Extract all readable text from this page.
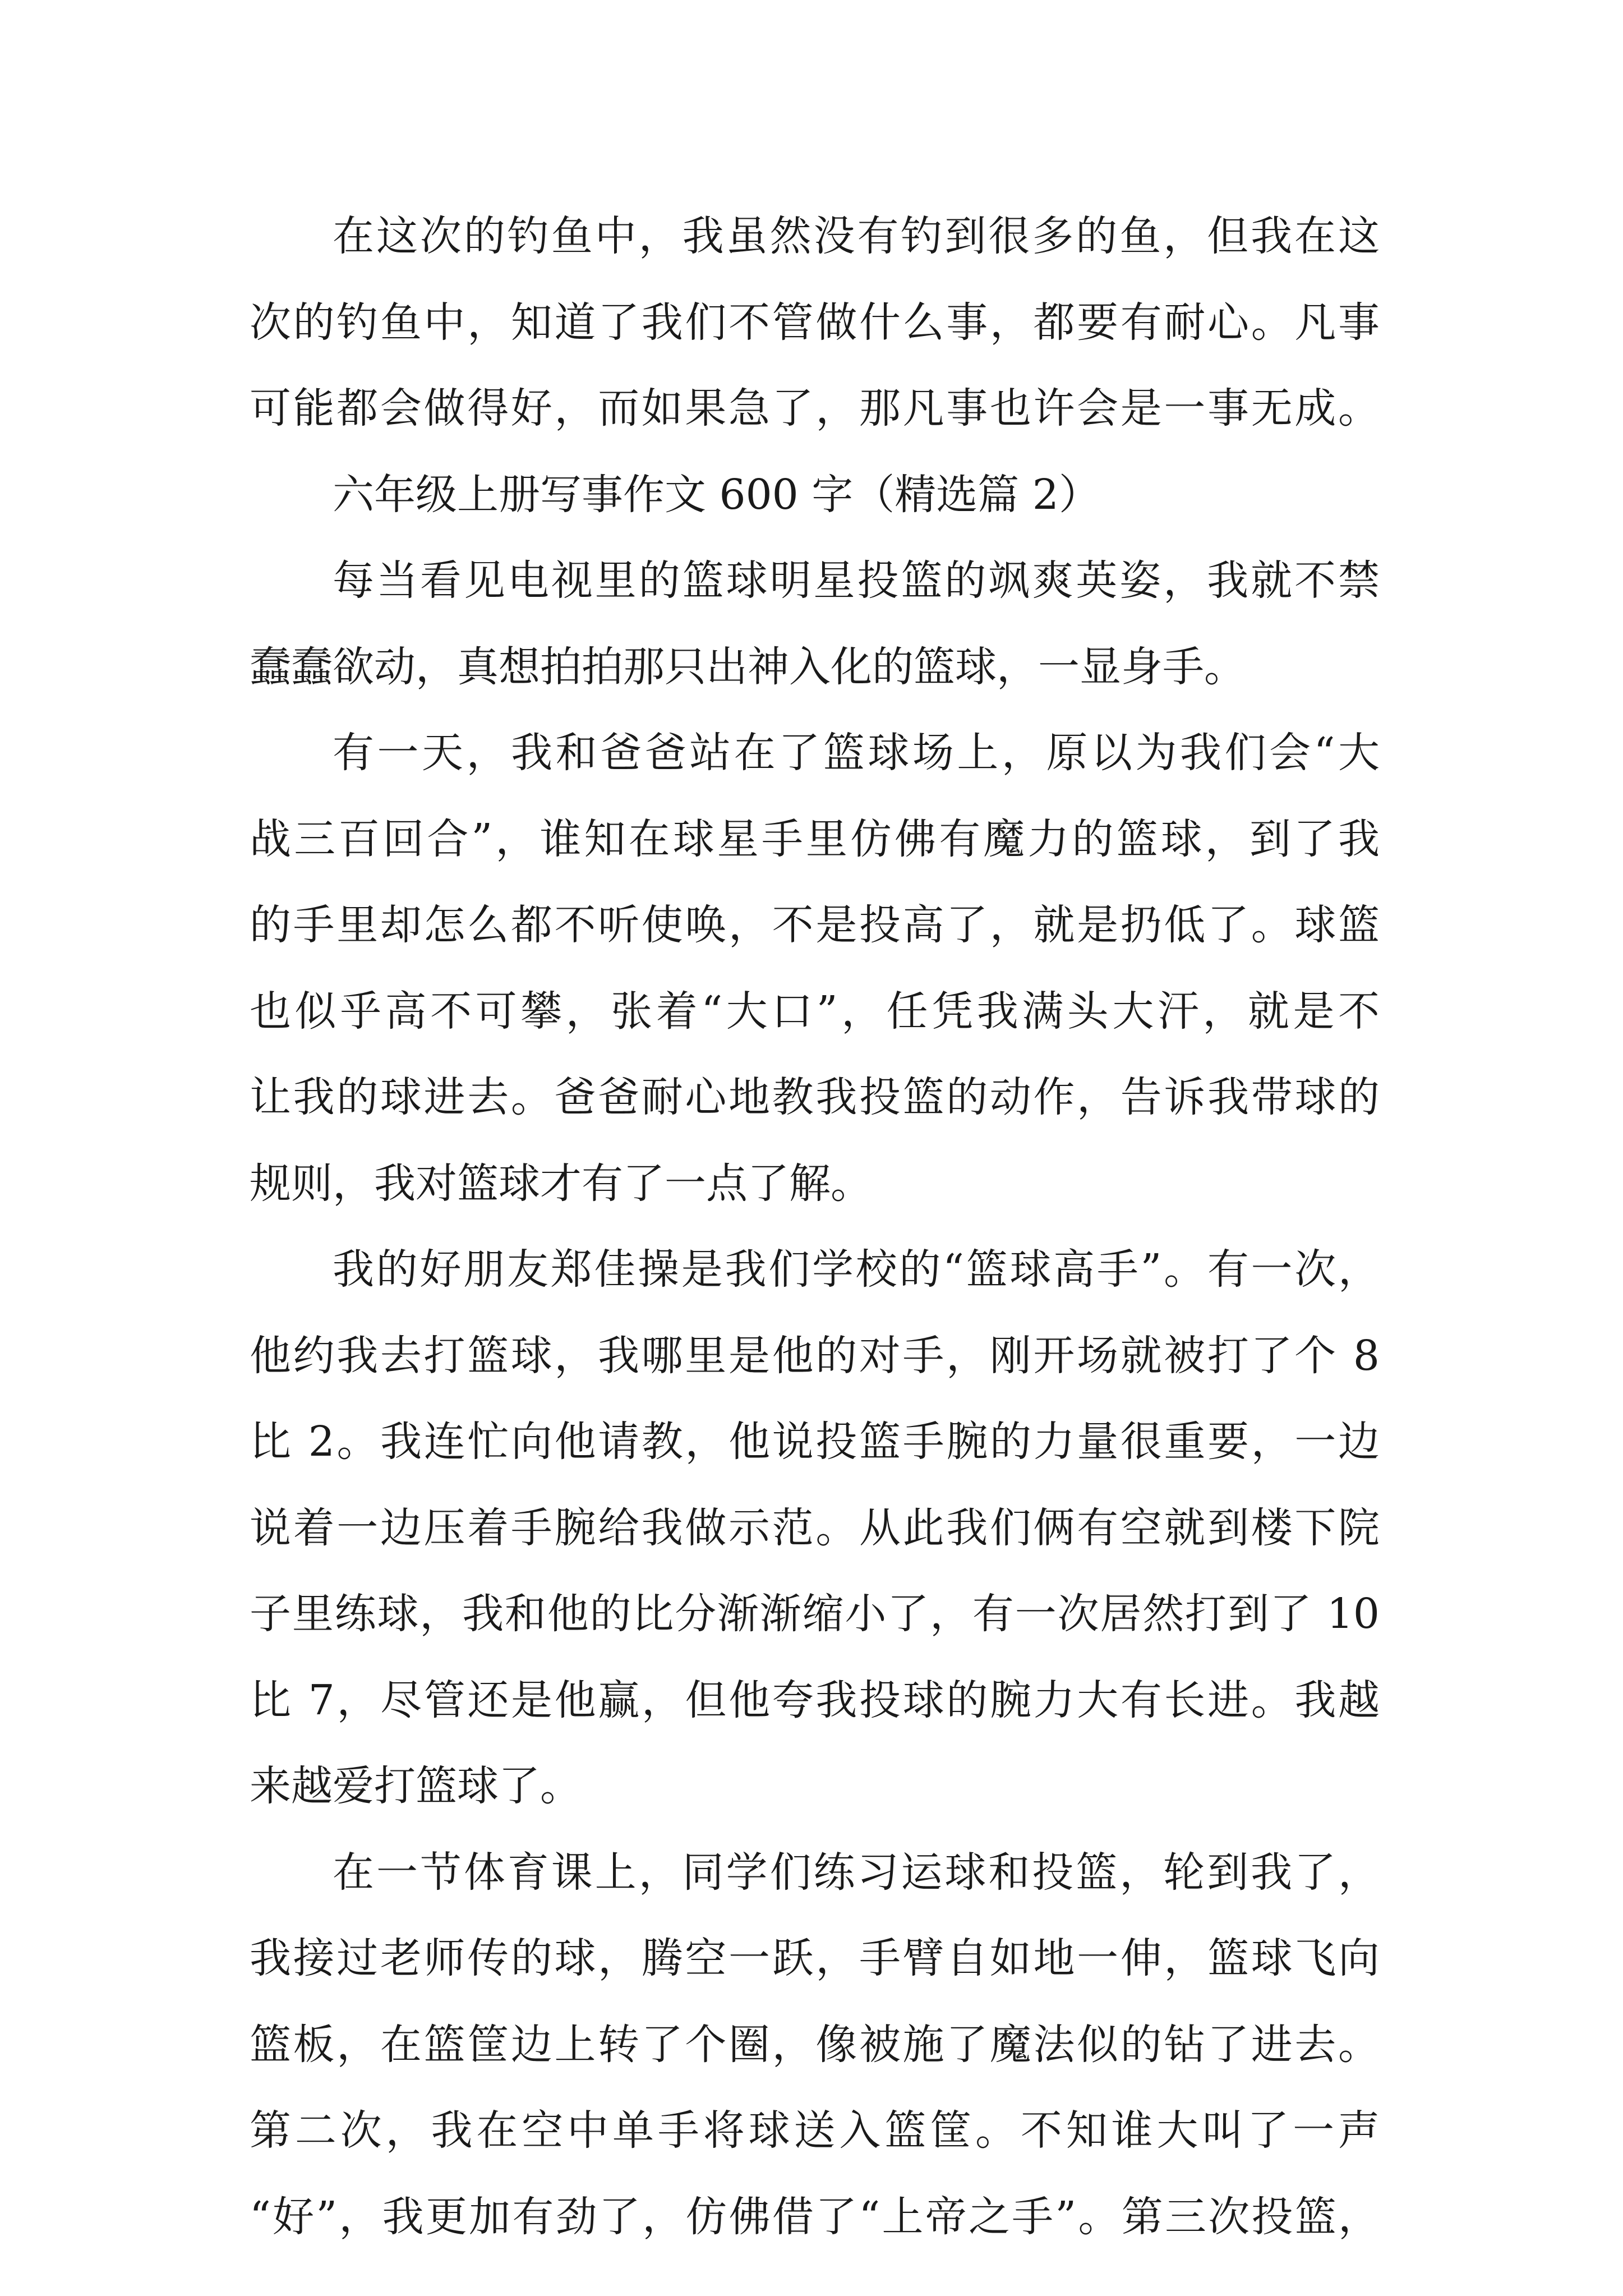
在这次的钓鱼中，我虽然没有钓到很多的鱼，但我在这
次的钓鱼中，知道了我们不管做什么事，都要有耐心。凡事
可能都会做得好，而如果急了，那凡事也许会是一事无成。
六年级上册写事作文 600 字（精选篇 2）
每当看见电视里的篮球明星投篮的飒爽英姿，我就不禁
蠢蠢欲动，真想拍拍那只出神入化的篮球，一显身手。
有一天，我和爸爸站在了篮球场上，原以为我们会“大
战三百回合”，谁知在球星手里仿佛有魔力的篮球，到了我
的手里却怎么都不听使唤，不是投高了，就是扔低了。球篮
也似乎高不可攀，张着“大口”，任凭我满头大汗，就是不
让我的球进去。爸爸耐心地教我投篮的动作，告诉我带球的
规则，我对篮球才有了一点了解。
我的好朋友郑佳操是我们学校的“篮球高手”。有一次，
他约我去打篮球，我哪里是他的对手，刚开场就被打了个 8
比 2。我连忙向他请教，他说投篮手腕的力量很重要，一边
说着一边压着手腕给我做示范。从此我们俩有空就到楼下院
子里练球，我和他的比分渐渐缩小了，有一次居然打到了 10
比 7，尽管还是他赢，但他夸我投球的腕力大有长进。我越
来越爱打篮球了。
在一节体育课上，同学们练习运球和投篮，轮到我了，
我接过老师传的球，腾空一跃，手臂自如地一伸，篮球飞向
篮板，在篮筐边上转了个圈，像被施了魔法似的钻了进去。
第二次，我在空中单手将球送入篮筐。不知谁大叫了一声
“好”，我更加有劲了，仿佛借了“上帝之手”。第三次投篮，
